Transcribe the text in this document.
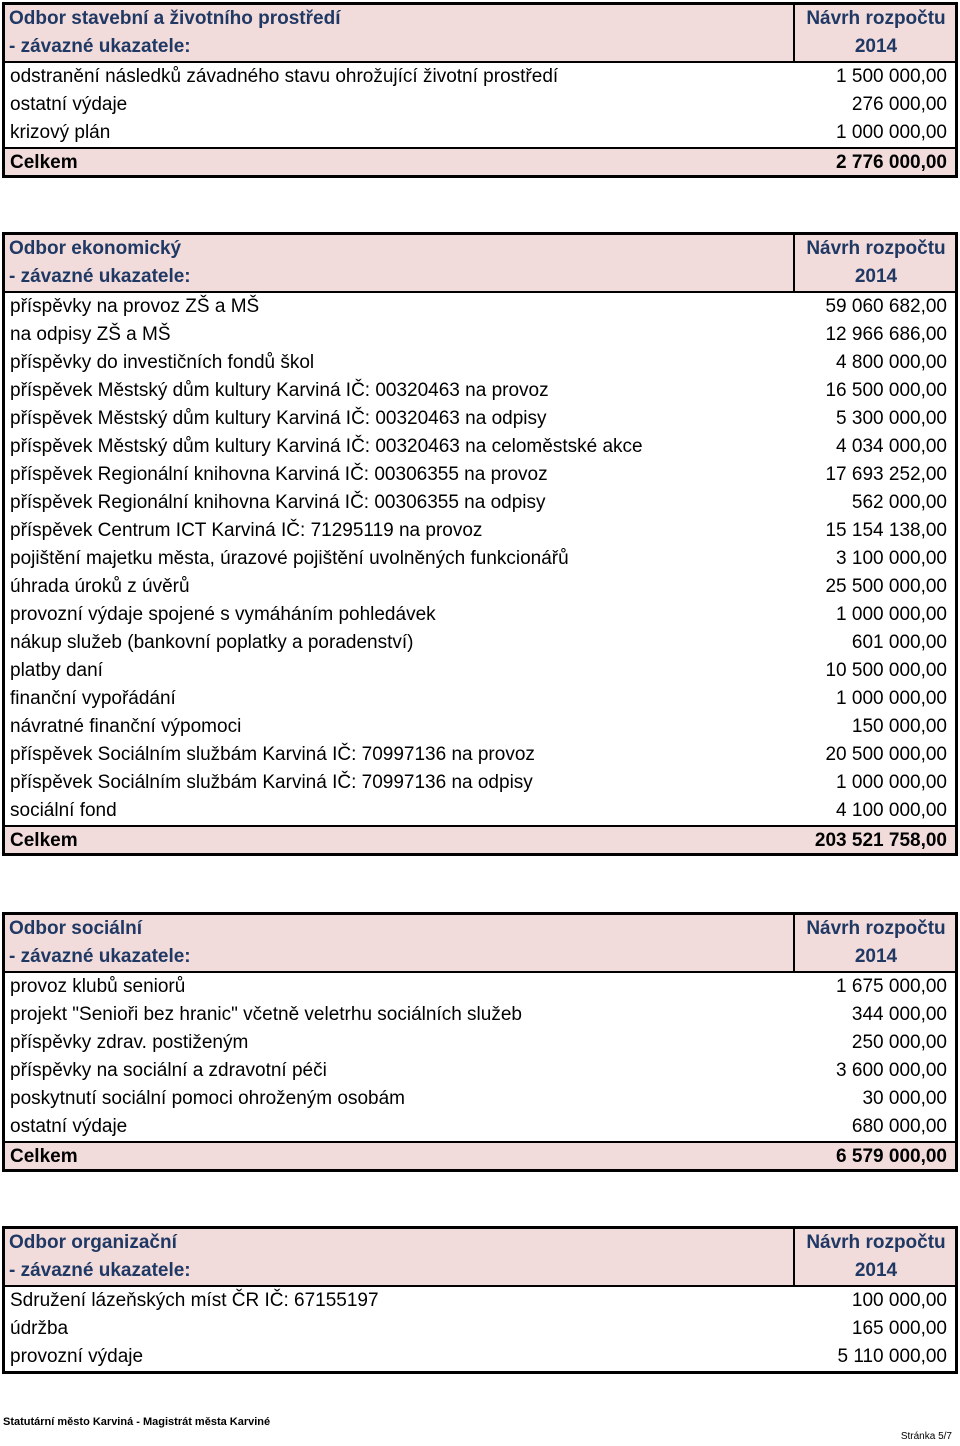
Odbor stavební a životního prostředí
- závazné ukazatele:
Návrh rozpočtu
2014
odstranění následků závadného stavu ohrožující životní prostředí	1 500 000,00
ostatní výdaje	276 000,00
krizový plán	1 000 000,00
Celkem	2 776 000,00
Odbor ekonomický
- závazné ukazatele:
Návrh rozpočtu
2014
příspěvky na provoz ZŠ a MŠ	59 060 682,00
na odpisy ZŠ a MŠ	12 966 686,00
příspěvky do investičních fondů škol	4 800 000,00
příspěvek Městský dům kultury Karviná IČ: 00320463 na provoz	16 500 000,00
příspěvek Městský dům kultury Karviná IČ: 00320463 na odpisy	5 300 000,00
příspěvek Městský dům kultury Karviná IČ: 00320463 na celoměstské akce	4 034 000,00
příspěvek Regionální knihovna Karviná IČ: 00306355 na provoz	17 693 252,00
příspěvek Regionální knihovna Karviná IČ: 00306355 na odpisy	562 000,00
příspěvek Centrum ICT Karviná IČ: 71295119 na provoz	15 154 138,00
pojištění majetku města, úrazové pojištění uvolněných funkcionářů	3 100 000,00
úhrada úroků z úvěrů	25 500 000,00
provozní výdaje spojené s vymáháním pohledávek	1 000 000,00
nákup služeb (bankovní poplatky a poradenství)	601 000,00
platby daní	10 500 000,00
finanční vypořádání	1 000 000,00
návratné finanční výpomoci	150 000,00
příspěvek Sociálním službám Karviná IČ: 70997136 na provoz	20 500 000,00
příspěvek Sociálním službám Karviná IČ: 70997136 na odpisy	1 000 000,00
sociální fond	4 100 000,00
Celkem	203 521 758,00
Odbor sociální
- závazné ukazatele:
Návrh rozpočtu
2014
provoz klubů seniorů	1 675 000,00
projekt "Senioři bez hranic" včetně veletrhu sociálních služeb	344 000,00
příspěvky zdrav. postiženým	250 000,00
příspěvky na sociální a zdravotní péči	3 600 000,00
poskytnutí sociální pomoci ohroženým osobám	30 000,00
ostatní výdaje	680 000,00
Celkem	6 579 000,00
Odbor organizační
- závazné ukazatele:
Návrh rozpočtu
2014
Sdružení lázeňských míst ČR IČ: 67155197	100 000,00
údržba	165 000,00
provozní výdaje	5 110 000,00
Statutární město Karviná - Magistrát města Karviné
Stránka 5/7
